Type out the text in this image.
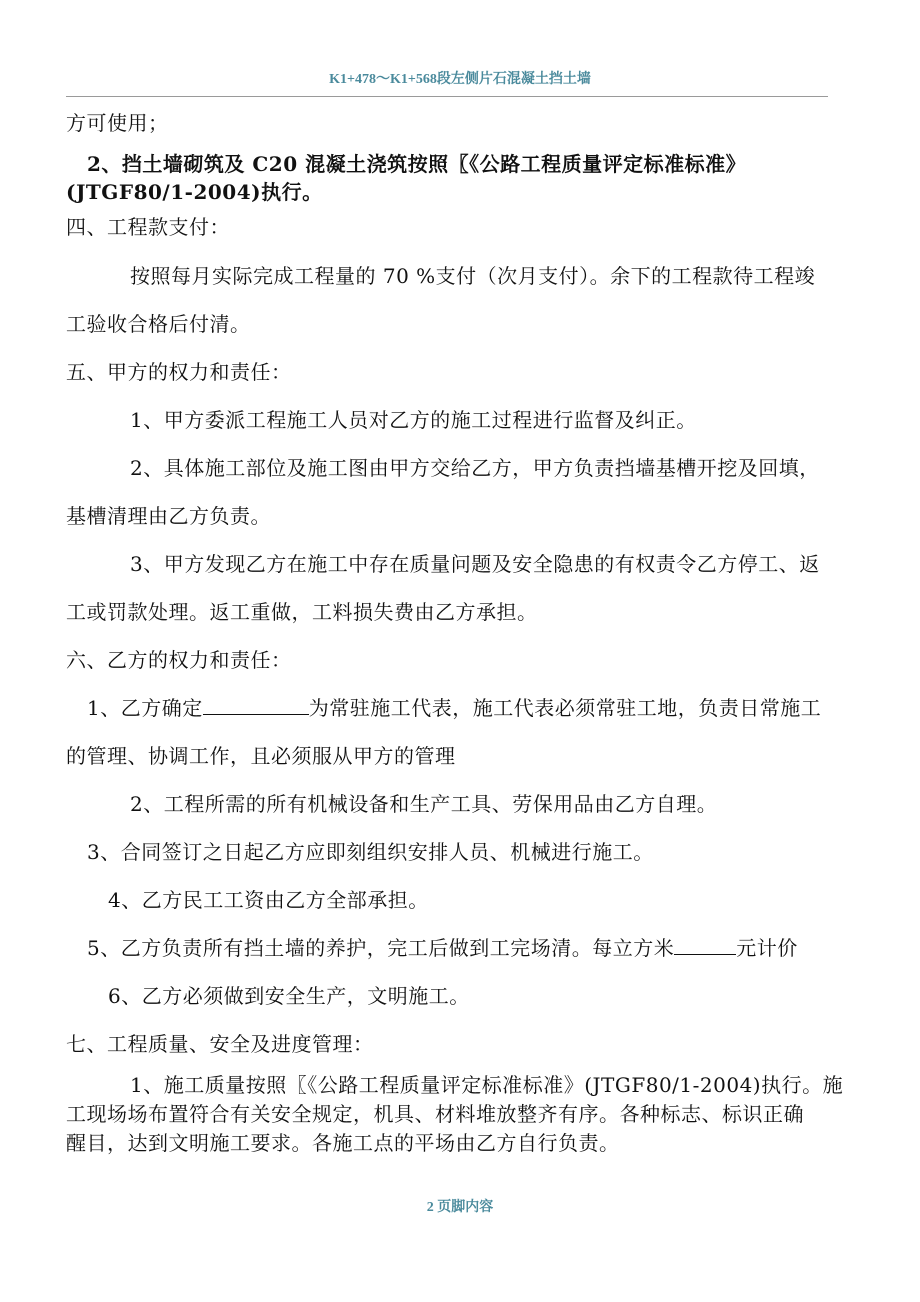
K1+478～K1+568段左侧片石混凝土挡土墙
方可使用；
2、挡土墙砌筑及 C20 混凝土浇筑按照〖《公路工程质量评定标准标准》
(JTGF80/1-2004)执行。
四、工程款支付：
按照每月实际完成工程量的 70 %支付（次月支付）。余下的工程款待工程竣
工验收合格后付清。
五、甲方的权力和责任：
1、甲方委派工程施工人员对乙方的施工过程进行监督及纠正。
2、具体施工部位及施工图由甲方交给乙方，甲方负责挡墙基槽开挖及回填，
基槽清理由乙方负责。
3、甲方发现乙方在施工中存在质量问题及安全隐患的有权责令乙方停工、返
工或罚款处理。返工重做，工料损失费由乙方承担。
六、乙方的权力和责任：
1、乙方确定	为常驻施工代表，施工代表必须常驻工地，负责日常施工
的管理、协调工作，且必须服从甲方的管理
2、工程所需的所有机械设备和生产工具、劳保用品由乙方自理。
3、合同签订之日起乙方应即刻组织安排人员、机械进行施工。
4、乙方民工工资由乙方全部承担。
5、乙方负责所有挡土墙的养护，完工后做到工完场清。每立方米	元计价
6、乙方必须做到安全生产，文明施工。
七、工程质量、安全及进度管理：
1、施工质量按照〖《公路工程质量评定标准标准》(JTGF80/1-2004)执行。施
工现场场布置符合有关安全规定，机具、材料堆放整齐有序。各种标志、标识正确
醒目，达到文明施工要求。各施工点的平场由乙方自行负责。
2 页脚内容
